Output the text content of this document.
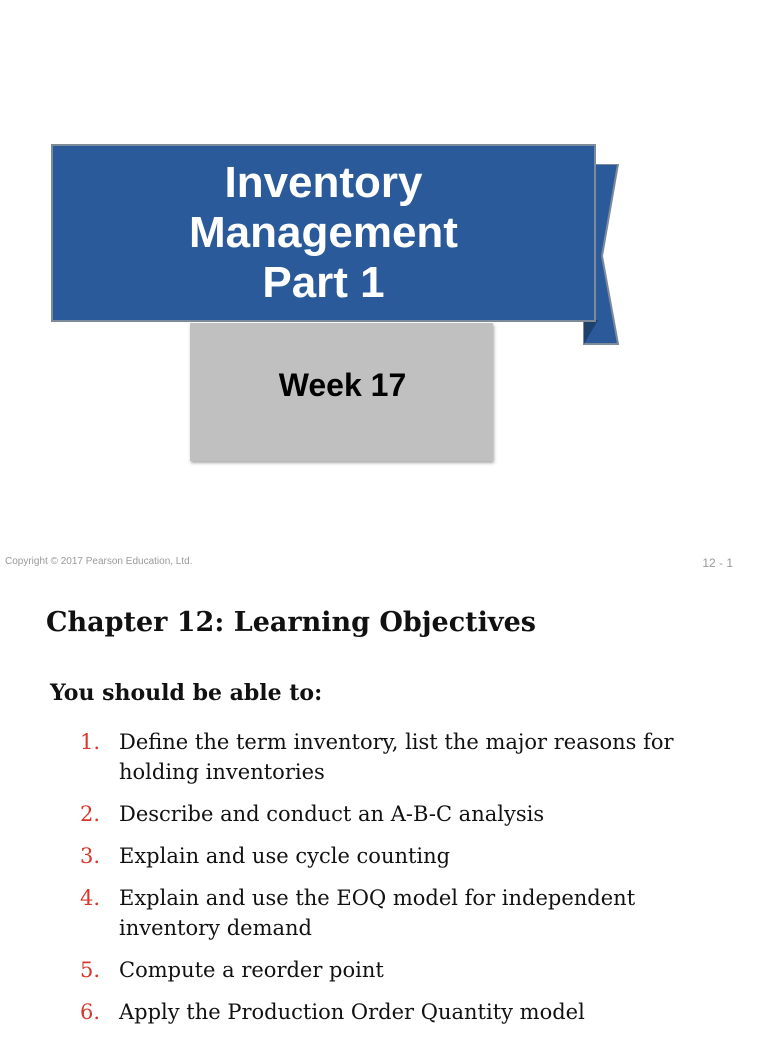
Inventory
Management
Part 1
Week 17
Copyright © 2017 Pearson Education, Ltd.	12 - 1
Chapter 12: Learning Objectives
You should be able to:
1. Define the term inventory, list the major reasons for holding inventories
2. Describe and conduct an A-B-C analysis
3. Explain and use cycle counting
4. Explain and use the EOQ model for independent inventory demand
5. Compute a reorder point
6. Apply the Production Order Quantity model
